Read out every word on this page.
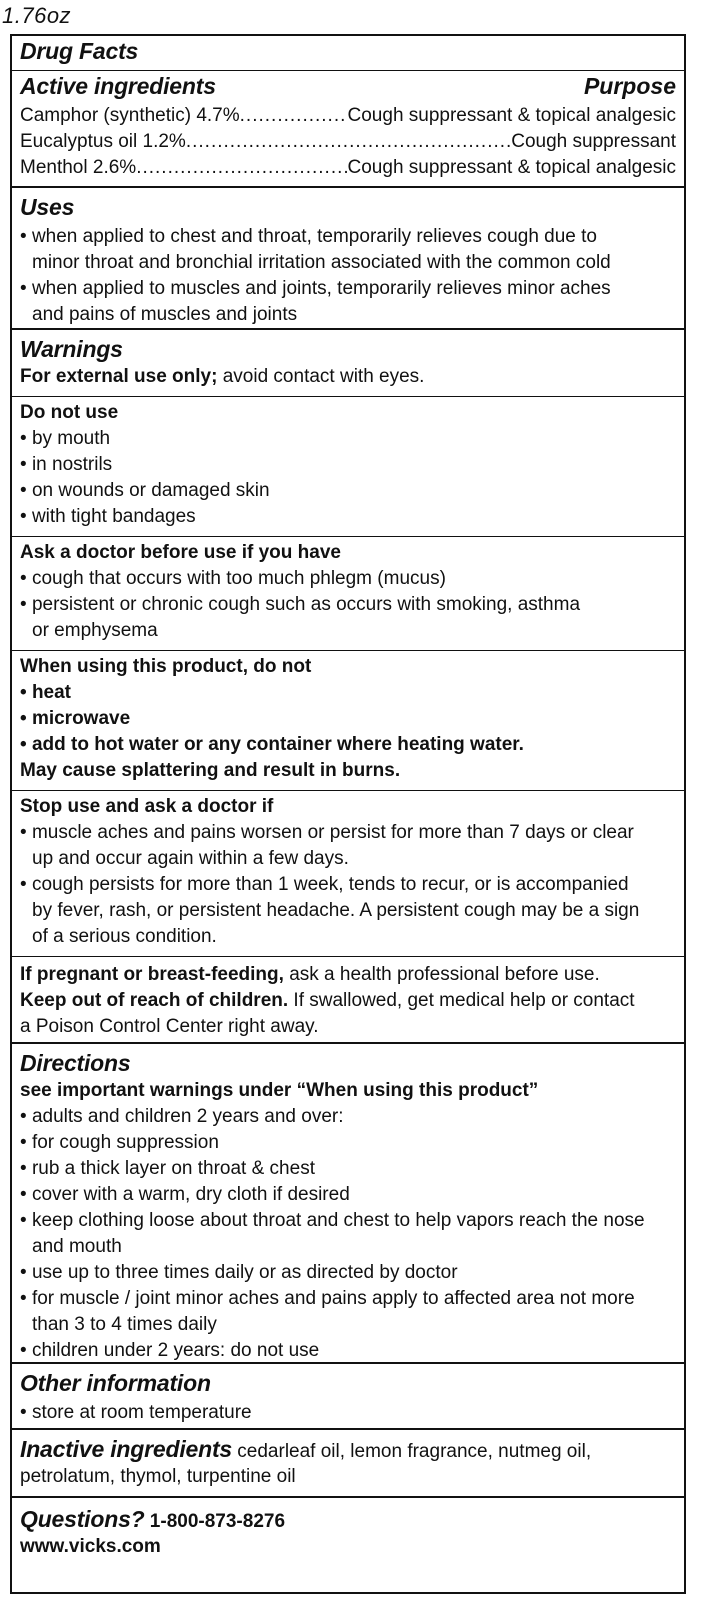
1.76oz
Drug Facts
Active ingredients	Purpose
Camphor (synthetic) 4.7% .....	Cough suppressant & topical analgesic
Eucalyptus oil 1.2% .....	Cough suppressant
Menthol 2.6% .....	Cough suppressant & topical analgesic
Uses
• when applied to chest and throat, temporarily relieves cough due to
minor throat and bronchial irritation associated with the common cold
• when applied to muscles and joints, temporarily relieves minor aches
and pains of muscles and joints
Warnings
For external use only; avoid contact with eyes.
Do not use
• by mouth
• in nostrils
• on wounds or damaged skin
• with tight bandages
Ask a doctor before use if you have
• cough that occurs with too much phlegm (mucus)
• persistent or chronic cough such as occurs with smoking, asthma
or emphysema
When using this product, do not
• heat
• microwave
• add to hot water or any container where heating water.
May cause splattering and result in burns.
Stop use and ask a doctor if
• muscle aches and pains worsen or persist for more than 7 days or clear
up and occur again within a few days.
• cough persists for more than 1 week, tends to recur, or is accompanied
by fever, rash, or persistent headache. A persistent cough may be a sign
of a serious condition.
If pregnant or breast-feeding, ask a health professional before use.
Keep out of reach of children. If swallowed, get medical help or contact
a Poison Control Center right away.
Directions
see important warnings under “When using this product”
• adults and children 2 years and over:
• for cough suppression
• rub a thick layer on throat & chest
• cover with a warm, dry cloth if desired
• keep clothing loose about throat and chest to help vapors reach the nose
and mouth
• use up to three times daily or as directed by doctor
• for muscle / joint minor aches and pains apply to affected area not more
than 3 to 4 times daily
• children under 2 years: do not use
Other information
• store at room temperature
Inactive ingredients cedarleaf oil, lemon fragrance, nutmeg oil,
petrolatum, thymol, turpentine oil
Questions? 1-800-873-8276
www.vicks.com
